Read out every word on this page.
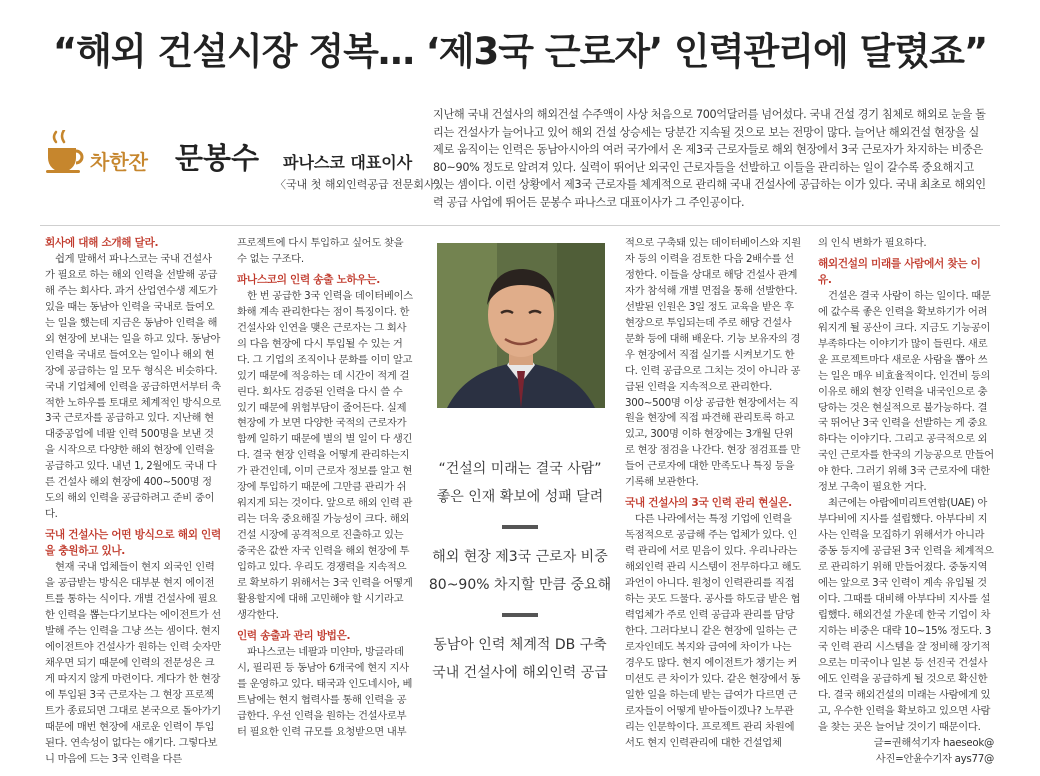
“해외 건설시장 정복… ‘제3국 근로자’ 인력관리에 달렸죠”
차한잔 문봉수 파나스코 대표이사
〈국내 첫 해외인력공급 전문회사〉
지난해 국내 건설사의 해외건설 수주액이 사상 처음으로 700억달러를 넘어섰다. 국내 건설 경기 침체로 해외로 눈을 돌리는 건설사가 늘어나고 있어 해외 건설 상승세는 당분간 지속될 것으로 보는 전망이 많다. 늘어난 해외건설 현장을 실제로 움직이는 인력은 동남아시아의 여러 국가에서 온 제3국 근로자들로 해외 현장에서 3국 근로자가 차지하는 비중은 80~90% 정도로 알려져 있다. 실력이 뛰어난 외국인 근로자들을 선발하고 이들을 관리하는 일이 갈수록 중요해지고 있는 셈이다. 이런 상황에서 제3국 근로자를 체계적으로 관리해 국내 건설사에 공급하는 이가 있다. 국내 최초로 해외인력 공급 사업에 뛰어든 문봉수 파나스코 대표이사가 그 주인공이다.
회사에 대해 소개해 달라.

쉽게 말해서 파나스코는 국내 건설사가 필요로 하는 해외 인력을 선발해 공급해 주는 회사다. 과거 산업연수생 제도가 있을 때는 동남아 인력을 국내로 들여오는 일을 했는데 지금은 동남아 인력을 해외 현장에 보내는 일을 하고 있다. 동남아 인력을 국내로 들여오는 일이나 해외 현장에 공급하는 일 모두 형식은 비슷하다. 국내 기업체에 인력을 공급하면서부터 축적한 노하우를 토대로 체계적인 방식으로 3국 근로자를 공급하고 있다. 지난해 현대중공업에 네팔 인력 500명을 보낸 것을 시작으로 다양한 해외 현장에 인력을 공급하고 있다. 내년 1, 2월에도 국내 다른 건설사 해외 현장에 400~500명 정도의 해외 인력을 공급하려고 준비 중이다.

국내 건설사는 어떤 방식으로 해외 인력을 충원하고 있나.

현재 국내 업체들이 현지 외국인 인력을 공급받는 방식은 대부분 현지 에이전트를 통하는 식이다. 개별 건설사에 필요한 인력을 뽑는다기보다는 에이전트가 선발해 주는 인력을 그냥 쓰는 셈이다. 현지 에이전트야 건설사가 원하는 인력 숫자만 채우면 되기 때문에 인력의 전문성은 크게 따지지 않게 마련이다. 게다가 한 현장에 투입된 3국 근로자는 그 현장 프로젝트가 종료되면 그대로 본국으로 돌아가기 때문에 매번 현장에 새로운 인력이 투입된다. 연속성이 없다는 얘기다. 그렇다보니 마음에 드는 3국 인력을 다른

프로젝트에 다시 투입하고 싶어도 찾을 수 없는 구조다.

파나스코의 인력 송출 노하우는.

한 번 공급한 3국 인력을 데이터베이스화해 계속 관리한다는 점이 특징이다. 한 건설사와 인연을 맺은 근로자는 그 회사의 다음 현장에 다시 투입될 수 있는 거다. 그 기업의 조직이나 문화를 이미 알고 있기 때문에 적응하는 데 시간이 적게 걸린다. 회사도 검증된 인력을 다시 쓸 수 있기 때문에 위험부담이 줄어든다. 실제 현장에 가 보면 다양한 국적의 근로자가 함께 일하기 때문에 별의 별 일이 다 생긴다. 결국 현장 인력을 어떻게 관리하는지가 관건인데, 이미 근로자 정보를 알고 현장에 투입하기 때문에 그만큼 관리가 쉬워지게 되는 것이다. 앞으로 해외 인력 관리는 더욱 중요해질 가능성이 크다. 해외 건설 시장에 공격적으로 진출하고 있는 중국은 값싼 자국 인력을 해외 현장에 투입하고 있다. 우리도 경쟁력을 지속적으로 확보하기 위해서는 3국 인력을 어떻게 활용할지에 대해 고민해야 할 시기라고 생각한다.

인력 송출과 관리 방법은.

파나스코는 네팔과 미얀마, 방글라데시, 필리핀 등 동남아 6개국에 현지 지사를 운영하고 있다. 태국과 인도네시아, 베트남에는 현지 협력사를 통해 인력을 공급한다. 우선 인력을 원하는 건설사로부터 필요한 인력 규모를 요청받으면 내부

“건설의 미래는 결국 사람”
좋은 인재 확보에 성패 달려
해외 현장 제3국 근로자 비중
80~90% 차지할 만큼 중요해
동남아 인력 체계적 DB 구축
국내 건설사에 해외인력 공급

적으로 구축돼 있는 데이터베이스와 지원자 등의 이력을 검토한 다음 2배수를 선정한다. 이들을 상대로 해당 건설사 관계자가 참석해 개별 면접을 통해 선발한다. 선발된 인원은 3일 정도 교육을 받은 후 현장으로 투입되는데 주로 해당 건설사 문화 등에 대해 배운다. 기능 보유자의 경우 현장에서 직접 실기를 시켜보기도 한다. 인력 공급으로 그치는 것이 아니라 공급된 인력을 지속적으로 관리한다. 300~500명 이상 공급한 현장에서는 직원을 현장에 직접 파견해 관리토록 하고 있고, 300명 이하 현장에는 3개월 단위로 현장 점검을 나간다. 현장 점검표를 만들어 근로자에 대한 만족도나 특징 등을 기록해 보관한다.

국내 건설사의 3국 인력 관리 현실은.

다른 나라에서는 특정 기업에 인력을 독점적으로 공급해 주는 업체가 있다. 인력 관리에 서로 믿음이 있다. 우리나라는 해외인력 관리 시스템이 전무하다고 해도 과언이 아니다. 원청이 인력관리를 직접 하는 곳도 드물다. 공사를 하도급 받은 협력업체가 주로 인력 공급과 관리를 담당한다. 그러다보니 같은 현장에 일하는 근로자인데도 복지와 급여에 차이가 나는 경우도 많다. 현지 에이전트가 챙기는 커미션도 큰 차이가 있다. 같은 현장에서 동일한 일을 하는데 받는 급여가 다르면 근로자들이 어떻게 받아들이겠나? 노무관리는 인문학이다. 프로젝트 관리 차원에서도 현지 인력관리에 대한 건설업체

의 인식 변화가 필요하다.

해외건설의 미래를 사람에서 찾는 이유.

건설은 결국 사람이 하는 일이다. 때문에 값수록 좋은 인력을 확보하기가 어려워지게 될 공산이 크다. 지금도 기능공이 부족하다는 이야기가 많이 들린다. 새로운 프로젝트마다 새로운 사람을 뽑아 쓰는 일은 매우 비효율적이다. 인건비 등의 이유로 해외 현장 인력을 내국인으로 충당하는 것은 현실적으로 불가능하다. 결국 뛰어난 3국 인력을 선발하는 게 중요하다는 이야기다. 그리고 공극적으로 외국인 근로자를 한국의 기능공으로 만들어야 한다. 그러기 위해 3국 근로자에 대한 정보 구축이 필요한 거다.

최근에는 아랍에미리트연합(UAE) 아부다비에 지사를 설립했다. 아부다비 지사는 인력을 모집하기 위해서가 아니라 중동 등지에 공급된 3국 인력을 체계적으로 관리하기 위해 만들어졌다. 중동지역에는 앞으로 3국 인력이 계속 유입될 것이다. 그때를 대비해 아부다비 지사를 설립했다. 해외건설 가운데 한국 기업이 차지하는 비중은 대략 10~15% 정도다. 3국 인력 관리 시스템을 잘 정비해 장기적으로는 미국이나 일본 등 선진국 건설사에도 인력을 공급하게 될 것으로 확신한다. 결국 해외건설의 미래는 사람에게 있고, 우수한 인력을 확보하고 있으면 사람을 찾는 곳은 늘어날 것이기 때문이다.

글=권해석기자 haeseok@

사진=안윤수기자 ays77@
